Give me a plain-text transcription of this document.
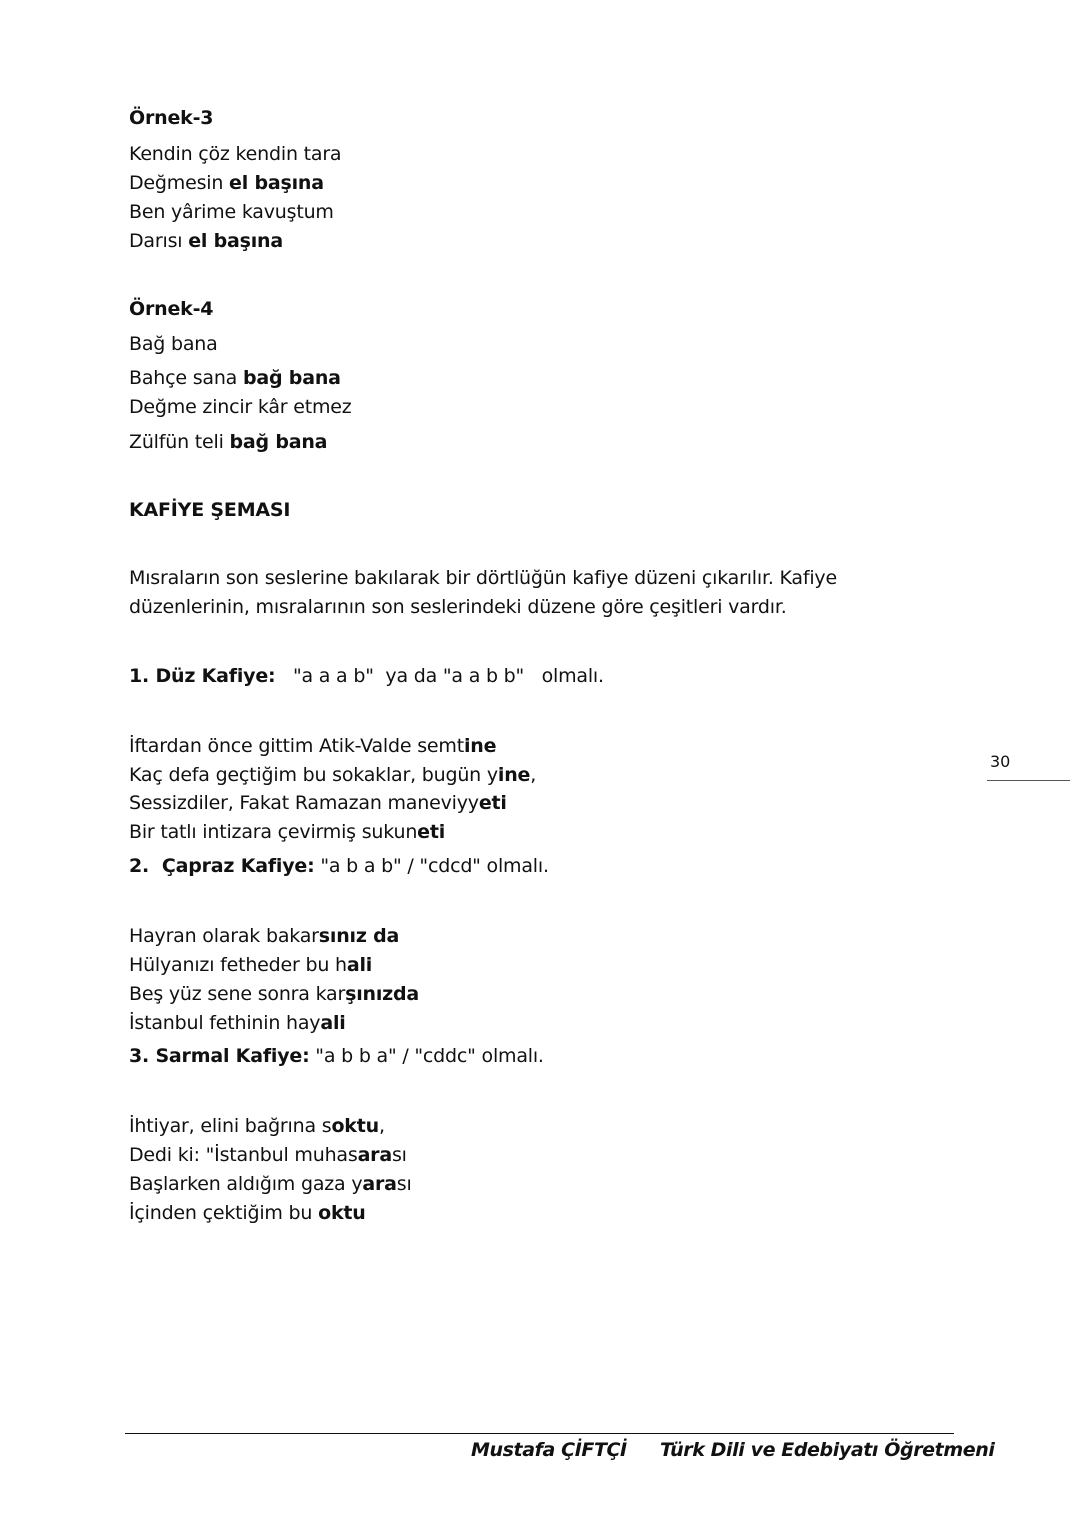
Örnek-3
Kendin çöz kendin tara
Değmesin el başına
Ben yârime kavuştum
Darısı el başına
Örnek-4
Bağ bana
Bahçe sana bağ bana
Değme zincir kâr etmez
Zülfün teli bağ bana
KAFİYE ŞEMASI
Mısraların son seslerine bakılarak bir dörtlüğün kafiye düzeni çıkarılır. Kafiye düzenlerinin, mısralarının son seslerindeki düzene göre çeşitleri vardır.
1. Düz Kafiye:   "a a a b"  ya da "a a b b"   olmalı.
İftardan önce gittim Atik-Valde semtine
Kaç defa geçtiğim bu sokaklar, bugün yine,
Sessizdiler, Fakat Ramazan maneviyyeti
Bir tatlı intizara çevirmiş sukuneti
2.  Çapraz Kafiye: "a b a b" / "cdcd" olmalı.
Hayran olarak bakarsınız da
Hülyanızı fetheder bu hali
Beş yüz sene sonra karşınızda
İstanbul fethinin hayali
3. Sarmal Kafiye: "a b b a" / "cddc" olmalı.
İhtiyar, elini bağrına soktu,
Dedi ki: "İstanbul muhasarası
Başlarken aldığım gaza yarası
İçinden çektiğim bu oktu
30
Mustafa ÇİFTÇİ Türk Dili ve Edebiyatı Öğretmeni
